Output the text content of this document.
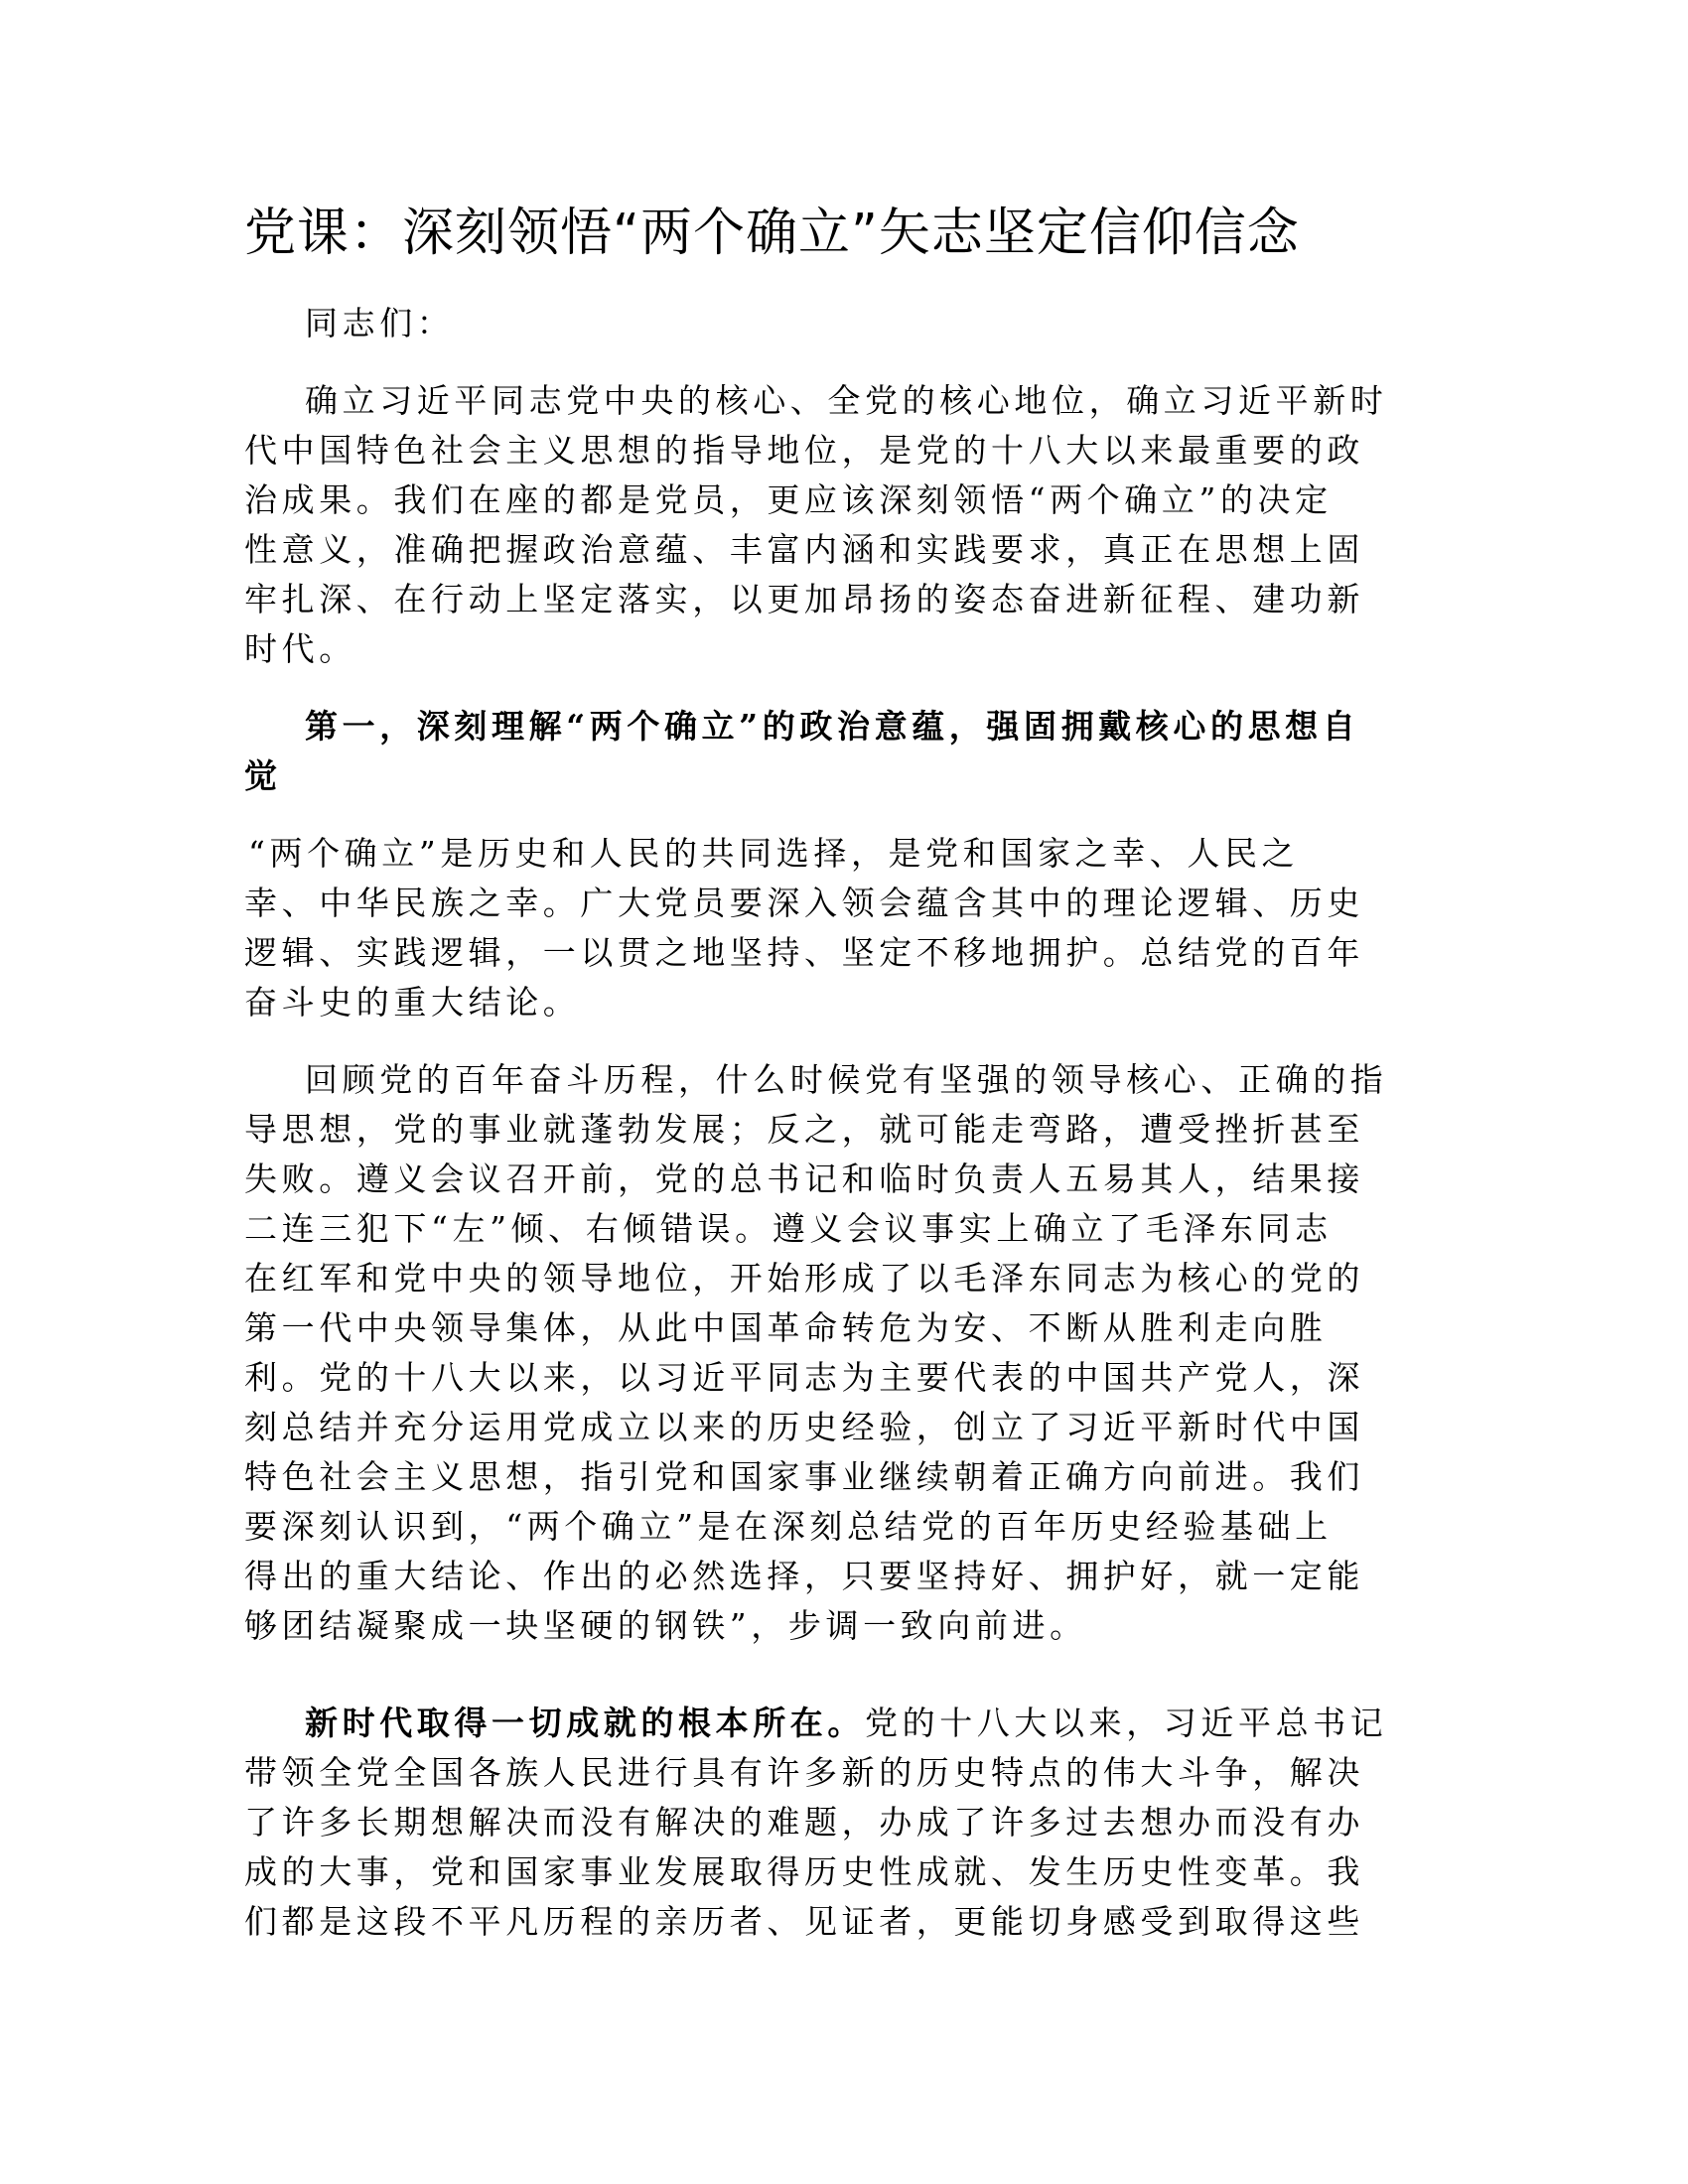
党课：深刻领悟“两个确立”矢志坚定信仰信念
同志们：
确立习近平同志党中央的核心、全党的核心地位，确立习近平新时
代中国特色社会主义思想的指导地位，是党的十八大以来最重要的政
治成果。我们在座的都是党员，更应该深刻领悟“两个确立”的决定
性意义，准确把握政治意蕴、丰富内涵和实践要求，真正在思想上固
牢扎深、在行动上坚定落实，以更加昂扬的姿态奋进新征程、建功新
时代。
第一，深刻理解“两个确立”的政治意蕴，强固拥戴核心的思想自
觉
“两个确立”是历史和人民的共同选择，是党和国家之幸、人民之
幸、中华民族之幸。广大党员要深入领会蕴含其中的理论逻辑、历史
逻辑、实践逻辑，一以贯之地坚持、坚定不移地拥护。总结党的百年
奋斗史的重大结论。
回顾党的百年奋斗历程，什么时候党有坚强的领导核心、正确的指
导思想，党的事业就蓬勃发展；反之，就可能走弯路，遭受挫折甚至
失败。遵义会议召开前，党的总书记和临时负责人五易其人，结果接
二连三犯下“左”倾、右倾错误。遵义会议事实上确立了毛泽东同志
在红军和党中央的领导地位，开始形成了以毛泽东同志为核心的党的
第一代中央领导集体，从此中国革命转危为安、不断从胜利走向胜
利。党的十八大以来，以习近平同志为主要代表的中国共产党人，深
刻总结并充分运用党成立以来的历史经验，创立了习近平新时代中国
特色社会主义思想，指引党和国家事业继续朝着正确方向前进。我们
要深刻认识到，“两个确立”是在深刻总结党的百年历史经验基础上
得出的重大结论、作出的必然选择，只要坚持好、拥护好，就一定能
够团结凝聚成一块坚硬的钢铁”，步调一致向前进。
新时代取得一切成就的根本所在。党的十八大以来，习近平总书记
带领全党全国各族人民进行具有许多新的历史特点的伟大斗争，解决
了许多长期想解决而没有解决的难题，办成了许多过去想办而没有办
成的大事，党和国家事业发展取得历史性成就、发生历史性变革。我
们都是这段不平凡历程的亲历者、见证者，更能切身感受到取得这些
